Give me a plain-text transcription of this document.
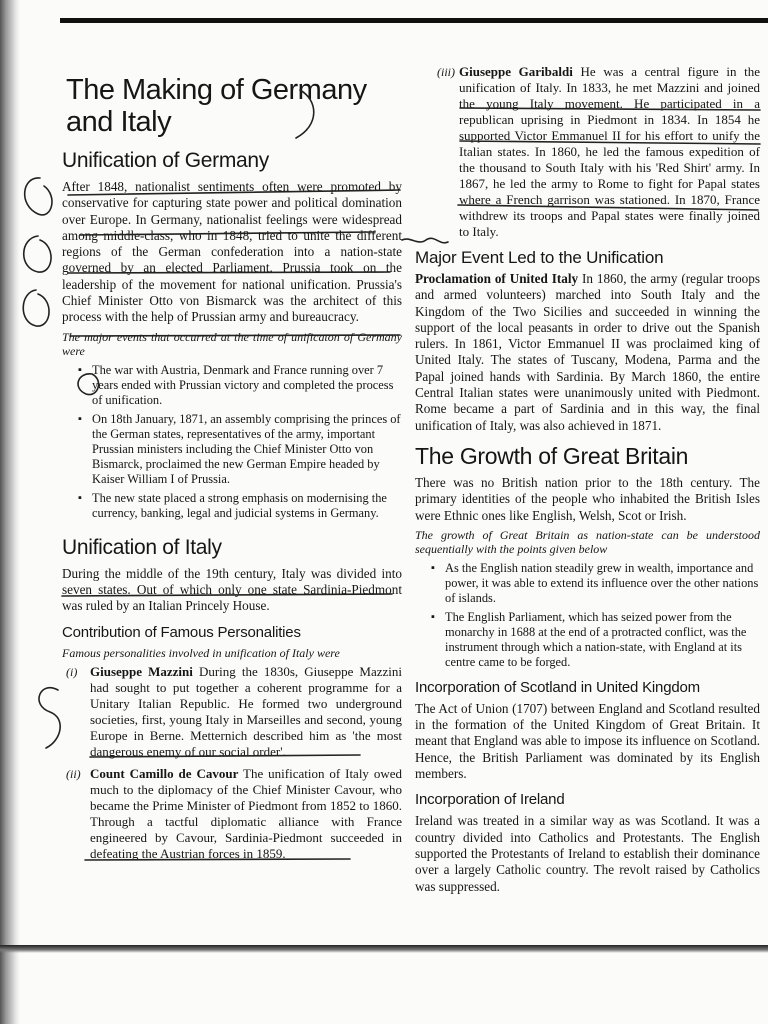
The Making of Germany and Italy
Unification of Germany

After 1848, nationalist sentiments often were promoted by conservative for capturing state power and political domination over Europe. In Germany, nationalist feelings were widespread among middle-class, who in 1848, tried to unite the different regions of the German confederation into a nation-state governed by an elected Parliament. Prussia took on the leadership of the movement for national unification. Prussia's Chief Minister Otto von Bismarck was the architect of this process with the help of Prussian army and bureaucracy.

The major events that occurred at the time of unificaton of Germany were

▪ The war with Austria, Denmark and France running over 7 years ended with Prussian victory and completed the process of unification.
▪ On 18th January, 1871, an assembly comprising the princes of the German states, representatives of the army, important Prussian ministers including the Chief Minister Otto von Bismarck, proclaimed the new German Empire headed by Kaiser William I of Prussia.
▪ The new state placed a strong emphasis on modernising the currency, banking, legal and judicial systems in Germany.
Unification of Italy

During the middle of the 19th century, Italy was divided into seven states. Out of which only one state Sardinia-Piedmont was ruled by an Italian Princely House.

Contribution of Famous Personalities

Famous personalities involved in unification of Italy were

(i) Giuseppe Mazzini During the 1830s, Giuseppe Mazzini had sought to put together a coherent programme for a Unitary Italian Republic. He formed two underground societies, first, young Italy in Marseilles and second, young Europe in Berne. Metternich described him as 'the most dangerous enemy of our social order'.
(ii) Count Camillo de Cavour The unification of Italy owed much to the diplomacy of the Chief Minister Cavour, who became the Prime Minister of Piedmont from 1852 to 1860. Through a tactful diplomatic alliance with France engineered by Cavour, Sardinia-Piedmont succeeded in defeating the Austrian forces in 1859.
(iii) Giuseppe Garibaldi He was a central figure in the unification of Italy. In 1833, he met Mazzini and joined the young Italy movement. He participated in a republican uprising in Piedmont in 1834. In 1854 he supported Victor Emmanuel II for his effort to unify the Italian states. In 1860, he led the famous expedition of the thousand to South Italy with his 'Red Shirt' army. In 1867, he led the army to Rome to fight for Papal states where a French garrison was stationed. In 1870, France withdrew its troops and Papal states were finally joined to Italy.
Major Event Led to the Unification

Proclamation of United Italy In 1860, the army (regular troops and armed volunteers) marched into South Italy and the Kingdom of the Two Sicilies and succeeded in winning the support of the local peasants in order to drive out the Spanish rulers. In 1861, Victor Emmanuel II was proclaimed king of United Italy. The states of Tuscany, Modena, Parma and the Papal joined hands with Sardinia. By March 1860, the entire Central Italian states were unanimously united with Piedmont. Rome became a part of Sardinia and in this way, the final unification of Italy, was also achieved in 1871.

The Growth of Great Britain

There was no British nation prior to the 18th century. The primary identities of the people who inhabited the British Isles were Ethnic ones like English, Welsh, Scot or Irish.

The growth of Great Britain as nation-state can be understood sequentially with the points given below

▪ As the English nation steadily grew in wealth, importance and power, it was able to extend its influence over the other nations of islands.
▪ The English Parliament, which has seized power from the monarchy in 1688 at the end of a protracted conflict, was the instrument through which a nation-state, with England at its centre came to be forged.
Incorporation of Scotland in United Kingdom

The Act of Union (1707) between England and Scotland resulted in the formation of the United Kingdom of Great Britain. It meant that England was able to impose its influence on Scotland. Hence, the British Parliament was dominated by its English members.

Incorporation of Ireland

Ireland was treated in a similar way as was Scotland. It was a country divided into Catholics and Protestants. The English supported the Protestants of Ireland to establish their dominance over a largely Catholic country. The revolt raised by Catholics was suppressed.
